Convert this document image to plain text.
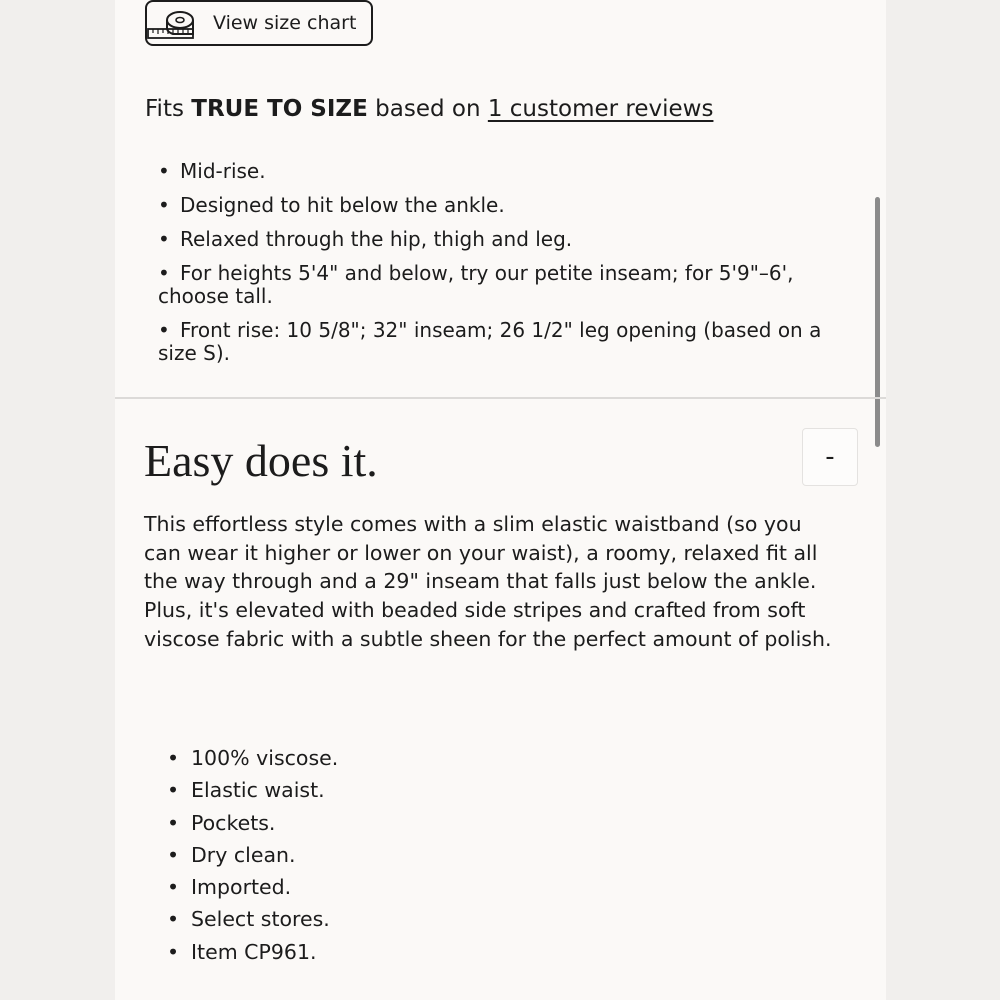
View size chart
Fits TRUE TO SIZE based on 1 customer reviews
• Mid-rise.
• Designed to hit below the ankle.
• Relaxed through the hip, thigh and leg.
• For heights 5'4" and below, try our petite inseam; for 5'9"–6', choose tall.
• Front rise: 10 5/8"; 32" inseam; 26 1/2" leg opening (based on a size S).
Easy does it.	-

This effortless style comes with a slim elastic waistband (so you can wear it higher or lower on your waist), a roomy, relaxed fit all the way through and a 29" inseam that falls just below the ankle. Plus, it's elevated with beaded side stripes and crafted from soft viscose fabric with a subtle sheen for the perfect amount of polish.

• 100% viscose.
• Elastic waist.
• Pockets.
• Dry clean.
• Imported.
• Select stores.
• Item CP961.
